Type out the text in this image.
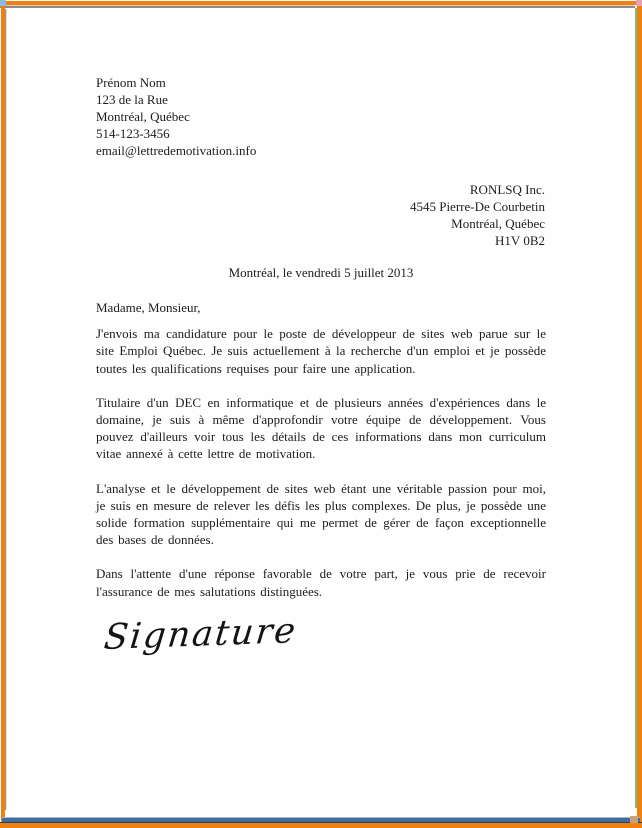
Prénom Nom
123 de la Rue
Montréal, Québec
514-123-3456
email@lettredemotivation.info
RONLSQ Inc.
4545 Pierre-De Courbetin
Montréal, Québec
H1V 0B2
Montréal, le vendredi 5 juillet 2013
Madame, Monsieur,

J'envois ma candidature pour le poste de développeur de sites web parue sur le site Emploi Québec. Je suis actuellement à la recherche d'un emploi et je possède toutes les qualifications requises pour faire une application.

Titulaire d'un DEC en informatique et de plusieurs années d'expériences dans le domaine, je suis à même d'approfondir votre équipe de développement. Vous pouvez d'ailleurs voir tous les détails de ces informations dans mon curriculum vitae annexé à cette lettre de motivation.

L'analyse et le développement de sites web étant une véritable passion pour moi, je suis en mesure de relever les défis les plus complexes. De plus, je possède une solide formation supplémentaire qui me permet de gérer de façon exceptionnelle des bases de données.

Dans l'attente d'une réponse favorable de votre part, je vous prie de recevoir l'assurance de mes salutations distinguées.

Signature
